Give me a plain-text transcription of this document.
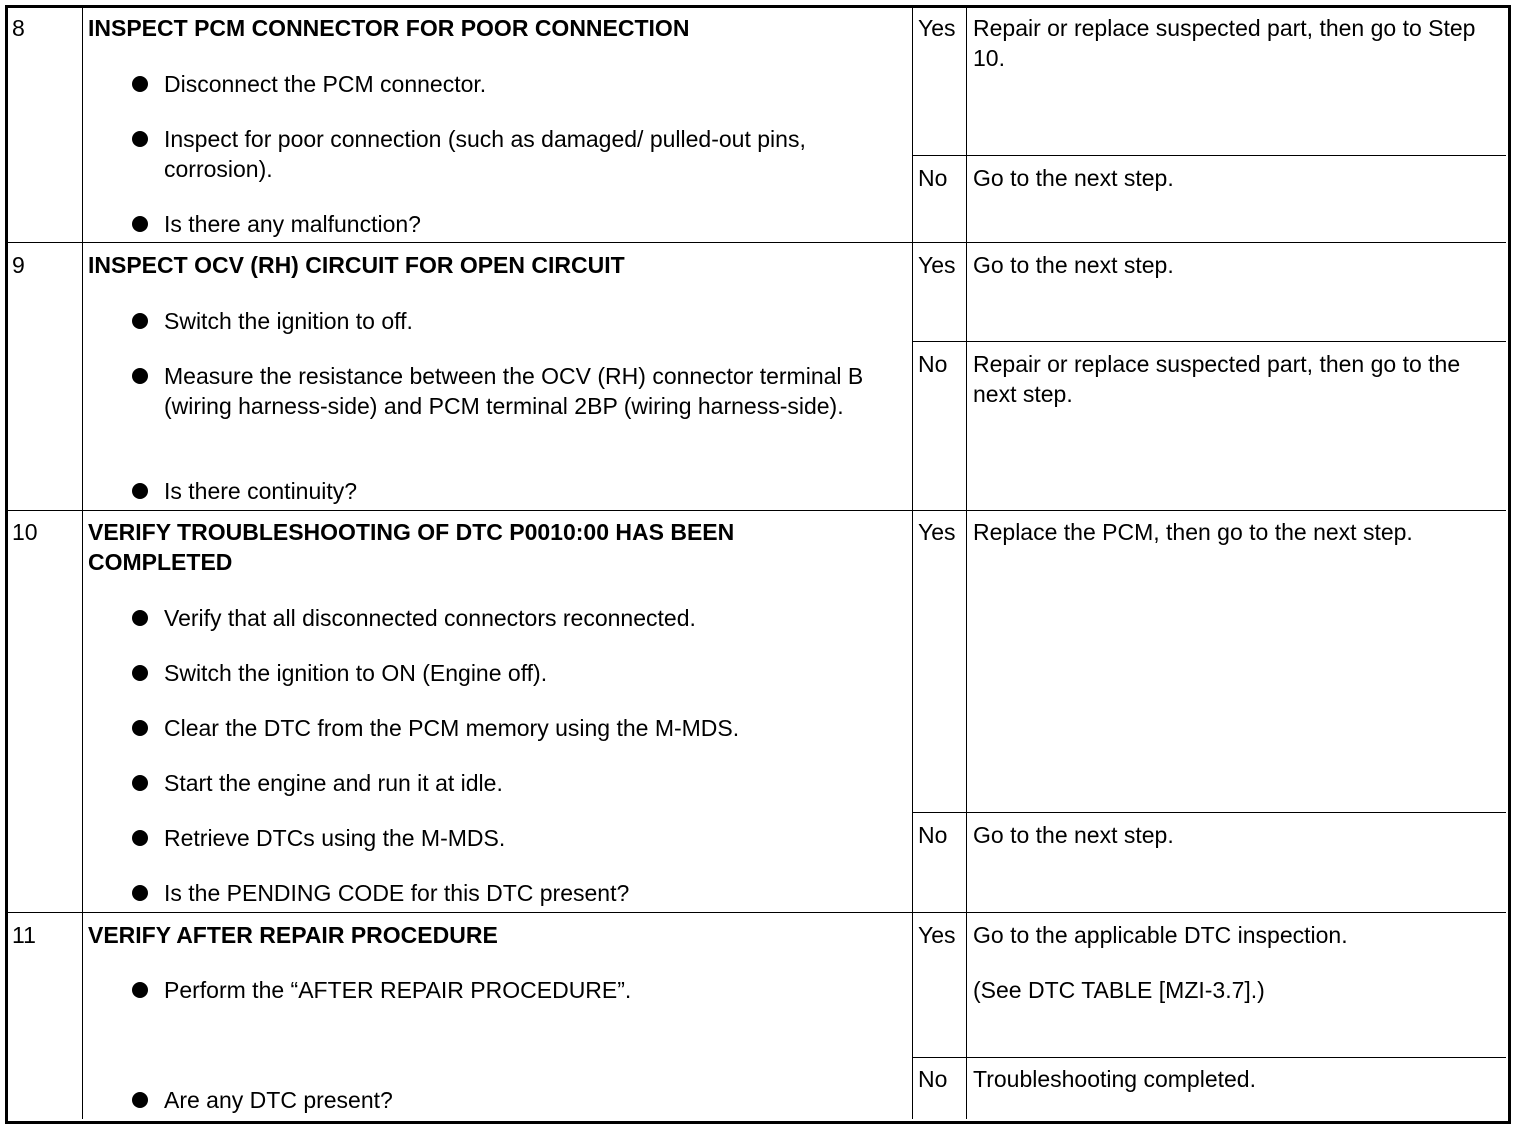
8	INSPECT PCM CONNECTOR FOR POOR CONNECTION
Disconnect the PCM connector.
Inspect for poor connection (such as damaged/ pulled-out pins, corrosion).
Is there any malfunction?
Yes Repair or replace suspected part, then go to Step 10.
No Go to the next step.
9	INSPECT OCV (RH) CIRCUIT FOR OPEN CIRCUIT
Switch the ignition to off.
Measure the resistance between the OCV (RH) connector terminal B (wiring harness-side) and PCM terminal 2BP (wiring harness-side).
Is there continuity?
Yes Go to the next step.
No Repair or replace suspected part, then go to the next step.
10 VERIFY TROUBLESHOOTING OF DTC P0010:00 HAS BEEN COMPLETED
Verify that all disconnected connectors reconnected.
Switch the ignition to ON (Engine off).
Clear the DTC from the PCM memory using the M-MDS.
Start the engine and run it at idle.
Retrieve DTCs using the M-MDS.
Is the PENDING CODE for this DTC present?
Yes Replace the PCM, then go to the next step.
No Go to the next step.
11 VERIFY AFTER REPAIR PROCEDURE
Perform the “AFTER REPAIR PROCEDURE”.
Are any DTC present?
Yes Go to the applicable DTC inspection.
(See DTC TABLE [MZI-3.7].)
No Troubleshooting completed.
